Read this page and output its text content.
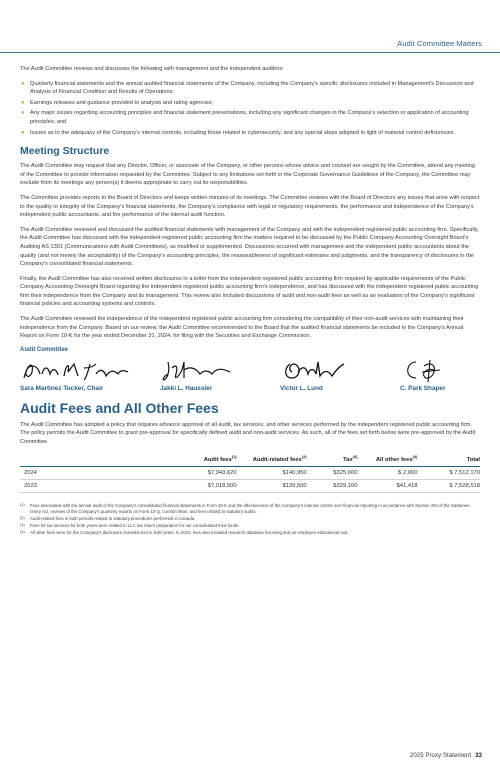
Audit Committee Matters

The Audit Committee reviews and discusses the following with management and the independent auditors:

● Quarterly financial statements and the annual audited financial statements of the Company, including the Company's specific disclosures included in Management's Discussion and Analysis of Financial Condition and Results of Operations;
● Earnings releases and guidance provided to analysts and rating agencies;
● Any major issues regarding accounting principles and financial statement presentations, including any significant changes in the Company's selection or application of accounting principles; and
● Issues as to the adequacy of the Company's internal controls, including those related to cybersecurity, and any special steps adopted in light of material control deficiencies.
Meeting Structure

The Audit Committee may request that any Director, Officer, or associate of the Company, or other persons whose advice and counsel are sought by the Committee, attend any meeting of the Committee to provide information requested by the Committee. Subject to any limitations set forth in the Corporate Governance Guidelines of the Company, the Committee may exclude from its meetings any person(s) it deems appropriate to carry out its responsibilities.

The Committee provides reports to the Board of Directors and keeps written minutes of its meetings. The Committee reviews with the Board of Directors any issues that arise with respect to the quality or integrity of the Company's financial statements, the Company's compliance with legal or regulatory requirements, the performance and independence of the Company's independent public accountants, and the performance of the internal audit function.

The Audit Committee reviewed and discussed the audited financial statements with management of the Company and with the independent registered public accounting firm. Specifically, the Audit Committee has discussed with the independent registered public accounting firm the matters required to be discussed by the Public Company Accounting Oversight Board's Auditing AS 1301 (Communications with Audit Committees), as modified or supplemented. Discussions occurred with management and the independent public accountants about the quality (and not merely the acceptability) of the Company's accounting principles, the reasonableness of significant estimates and judgments, and the transparency of disclosures in the Company's consolidated financial statements.

Finally, the Audit Committee has also received written disclosures in a letter from the independent registered public accounting firm required by applicable requirements of the Public Company Accounting Oversight Board regarding the independent registered public accounting firm's independence, and has discussed with the independent registered public accounting firm their independence from the Company and its management. This review also included discussions of audit and non-audit fees as well as an evaluation of the Company's significant financial policies and accounting systems and controls.

The Audit Committee reviewed the independence of the independent registered public accounting firm considering the compatibility of their non-audit services with maintaining their independence from the Company. Based on our review, the Audit Committee recommended to the Board that the audited financial statements be included in the Company's Annual Report on Form 10-K for the year ended December 31, 2024, for filing with the Securities and Exchange Commission.

Audit Committee
Sara Martinez Tucker, Chair	Jakki L. Haussler	Victor L. Lund	C. Park Shaper
Audit Fees and All Other Fees

The Audit Committee has adopted a policy that requires advance approval of all audit, tax services, and other services performed by the independent registered public accounting firm. The policy permits the Audit Committee to grant pre-approval for specifically defined audit and non-audit services. As such, all of the fees set forth below were pre-approved by the Audit Committee.

	Audit fees$^{(1)}$	Audit-related fees$^{(2)}$	Tax$^{(3)}$	All other fees$^{(4)}$	Total
2024	$7,043,620	$140,950	$325,600	$ 2,000	$ 7,512,170
2023	$7,018,500	$139,500	$329,100	$41,418	$ 7,528,518
(1) Fees associated with the annual audit of the Company's consolidated financial statements in Form 10-K and the effectiveness of the Company's internal control over financial reporting in accordance with Section 404 of the Sarbanes-Oxley Act, reviews of the Company's quarterly reports on Form 10-Q, comfort letter, and fees related to statutory audits.
(2) Audit-related fees in both periods related to statutory procedures performed in Canada.
(3) Fees for tax services for both years were related to LLC tax return preparation for our consolidated trust funds.
(4) All other fees were for the Company's disclosure checklist tool in both years. In 2023, fees also included research database licensing and an employee educational tool.
2025 Proxy Statement 33
